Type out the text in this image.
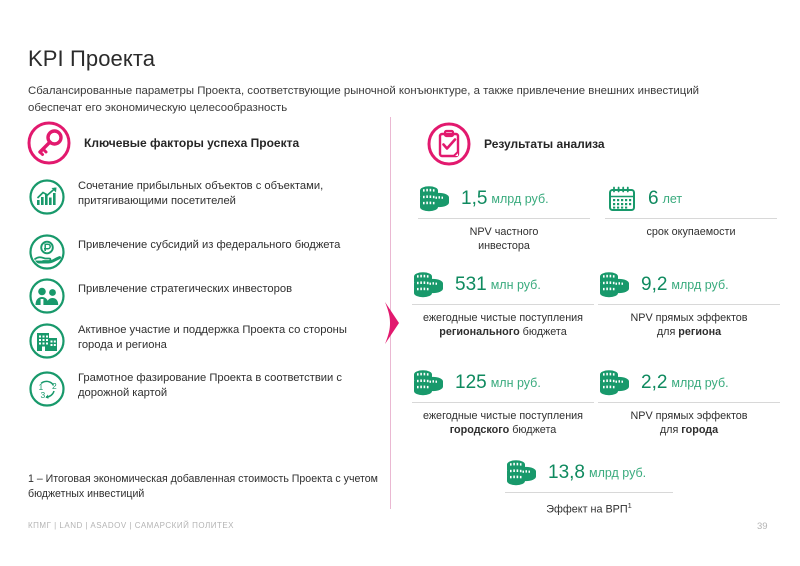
KPI Проекта
Сбалансированные параметры Проекта, соответствующие рыночной конъюнктуре, а также привлечение внешних инвестиций обеспечат его экономическую целесообразность
Ключевые факторы успеха Проекта
Сочетание прибыльных объектов с объектами, притягивающими посетителей
Привлечение субсидий из федерального бюджета
Привлечение стратегических инвесторов
Активное участие и поддержка Проекта со стороны города и региона
1 2
3
Грамотное фазирование Проекта в соответствии с дорожной картой
Результаты анализа
1,5 млрд руб.
NPV частного
инвестора
6 лет
срок окупаемости
531 млн руб.
ежегодные чистые поступления
регионального бюджета
9,2 млрд руб.
NPV прямых эффектов
для региона
125 млн руб.
ежегодные чистые поступления
городского бюджета
2,2 млрд руб.
NPV прямых эффектов
для города
13,8 млрд руб.
Эффект на ВРП$^1$
1 – Итоговая экономическая добавленная стоимость Проекта с учетом бюджетных инвестиций
КПМГ | LAND | ASADOV | САМАРСКИЙ ПОЛИТЕХ	39
